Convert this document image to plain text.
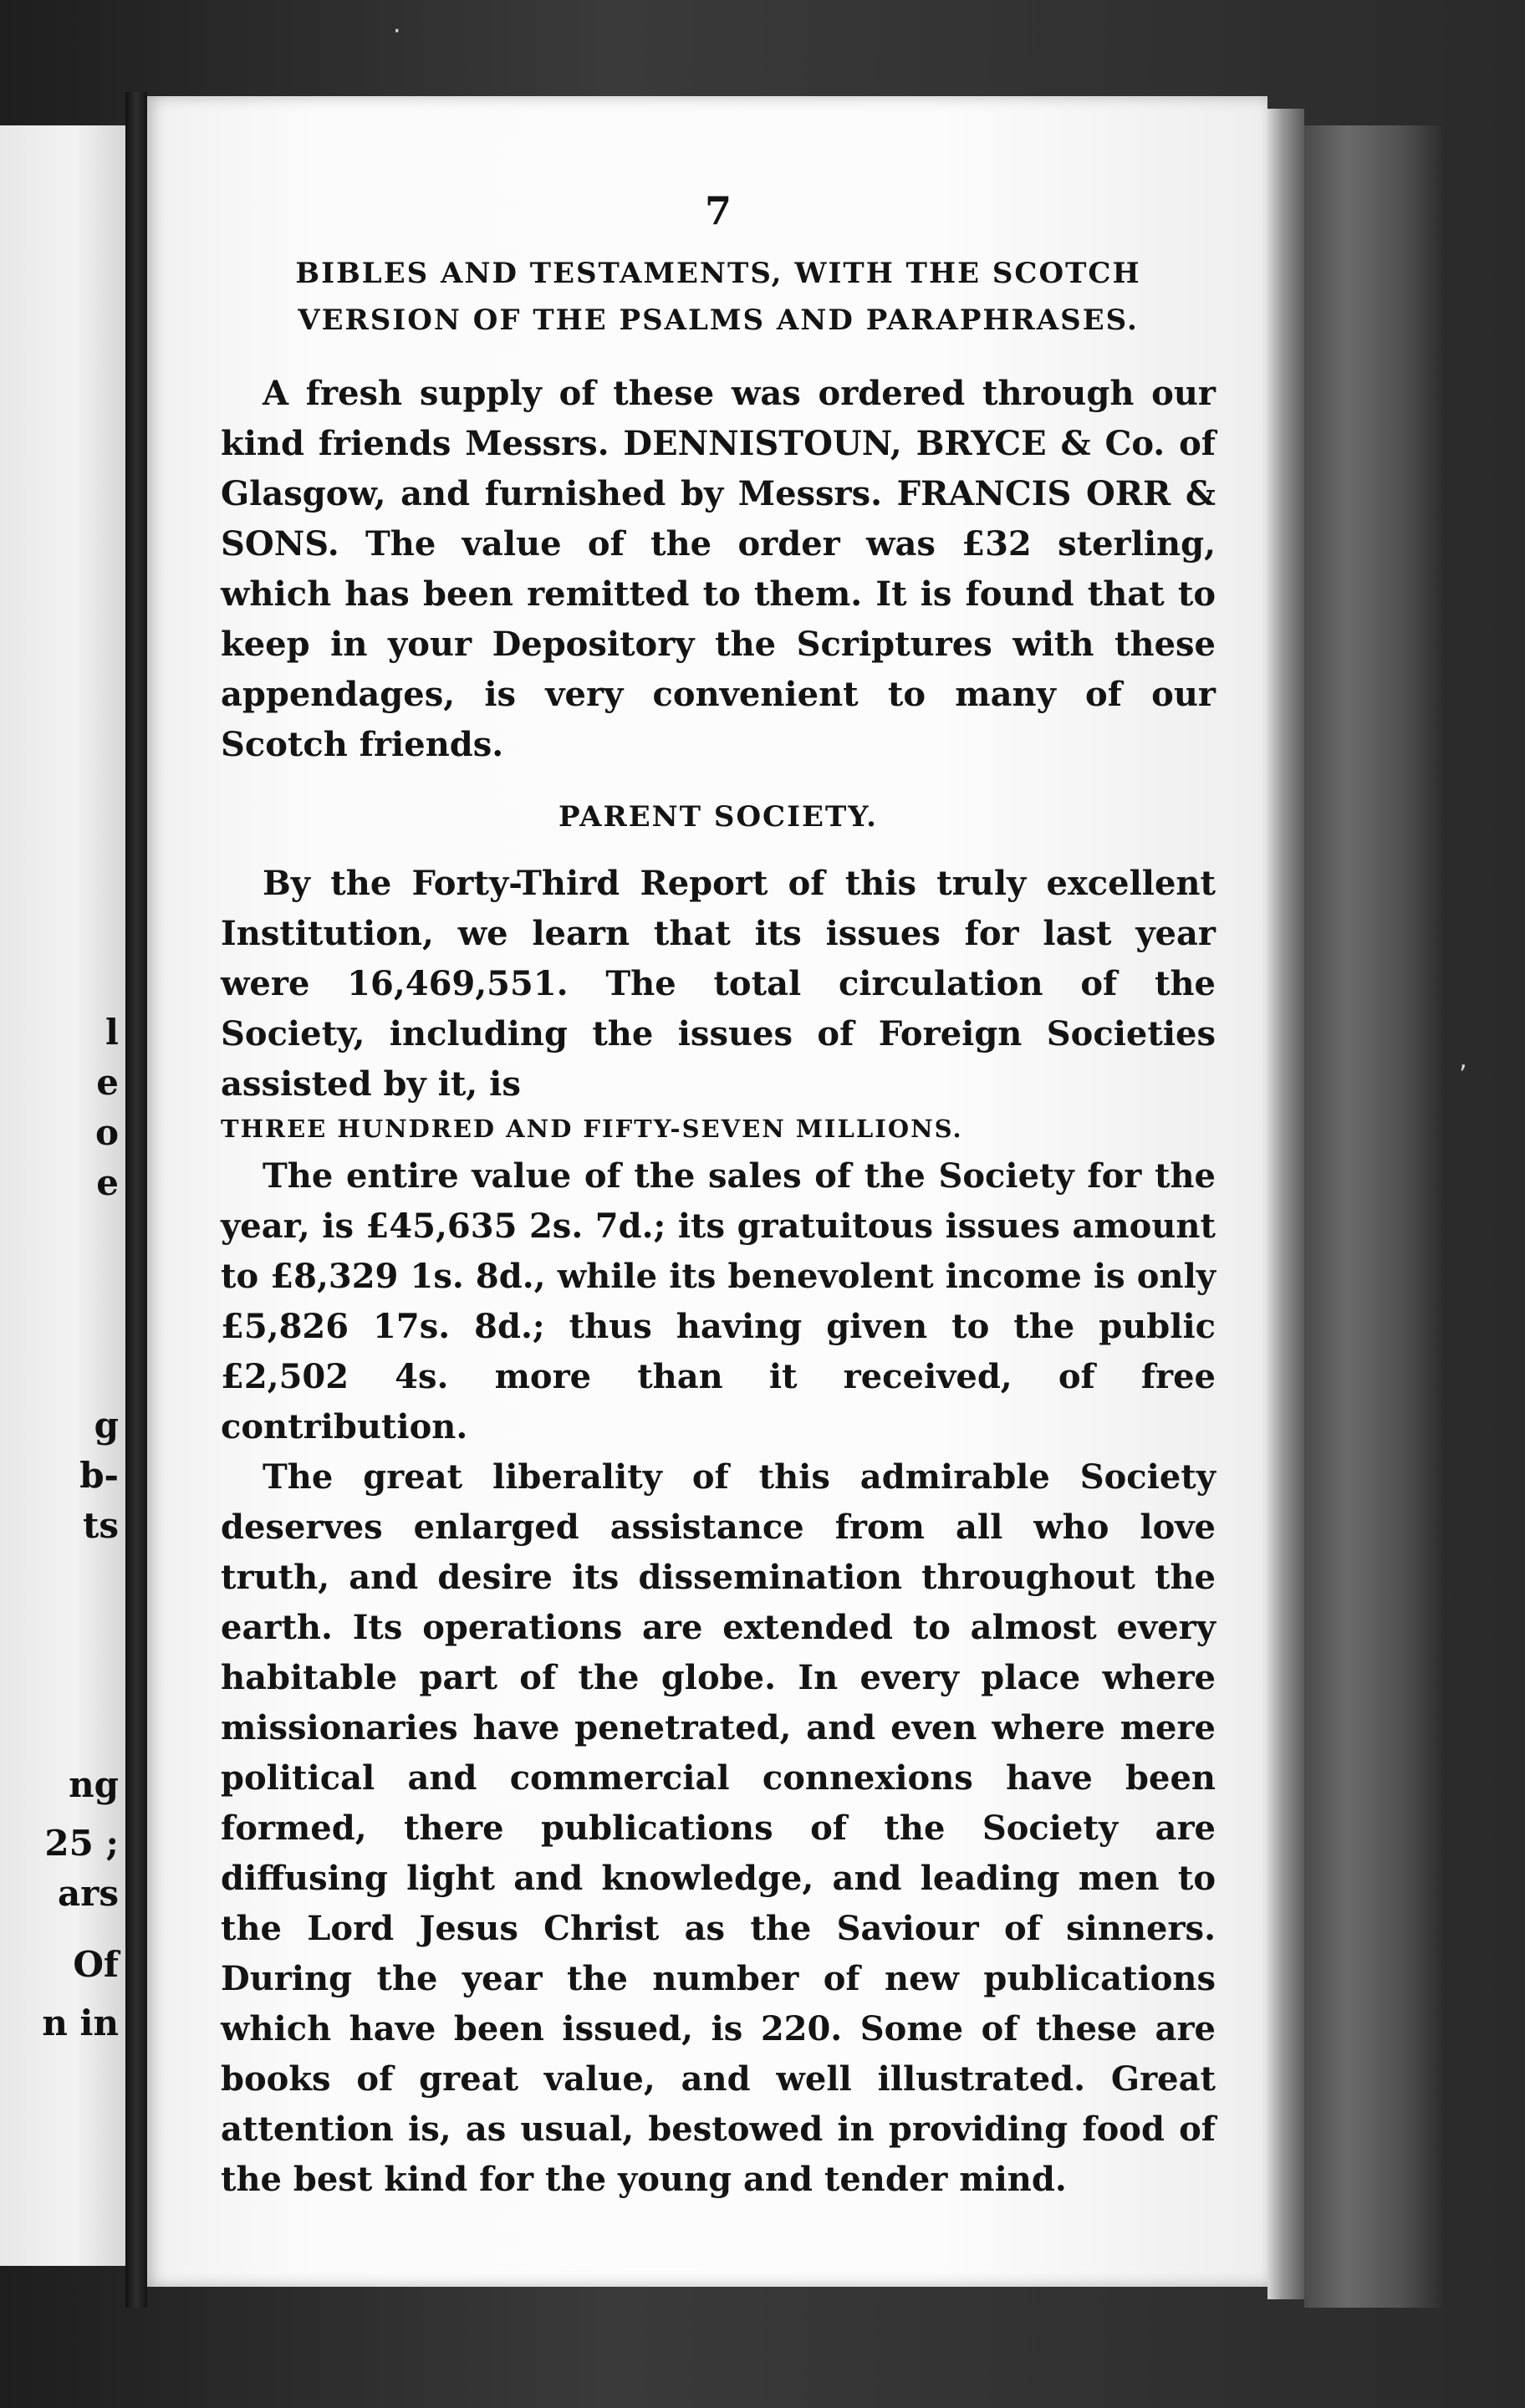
l
e
o
e
g
b-
ts
ng
25 ;
ars
Of
n in
7
BIBLES AND TESTAMENTS, WITH THE SCOTCH
VERSION OF THE PSALMS AND PARAPHRASES.

A fresh supply of these was ordered through our kind friends Messrs. DENNISTOUN, BRYCE & Co. of Glasgow, and furnished by Messrs. FRANCIS ORR & SONS. The value of the order was £32 sterling, which has been remitted to them. It is found that to keep in your Depository the Scriptures with these appendages, is very convenient to many of our Scotch friends.

PARENT SOCIETY.

By the Forty-Third Report of this truly excellent Institution, we learn that its issues for last year were 16,469,551. The total circulation of the Society, including the issues of Foreign Societies assisted by it, is

THREE HUNDRED AND FIFTY-SEVEN MILLIONS.

The entire value of the sales of the Society for the year, is £45,635 2s. 7d.; its gratuitous issues amount to £8,329 1s. 8d., while its benevolent income is only £5,826 17s. 8d.; thus having given to the public £2,502 4s. more than it received, of free contribution.

The great liberality of this admirable Society deserves enlarged assistance from all who love truth, and desire its dissemination throughout the earth. Its operations are extended to almost every habitable part of the globe. In every place where missionaries have penetrated, and even where mere political and commercial connexions have been formed, there publications of the Society are diffusing light and knowledge, and leading men to the Lord Jesus Christ as the Saviour of sinners. During the year the number of new publications which have been issued, is 220. Some of these are books of great value, and well illustrated. Great attention is, as usual, bestowed in providing food of the best kind for the young and tender mind.

·
‚
